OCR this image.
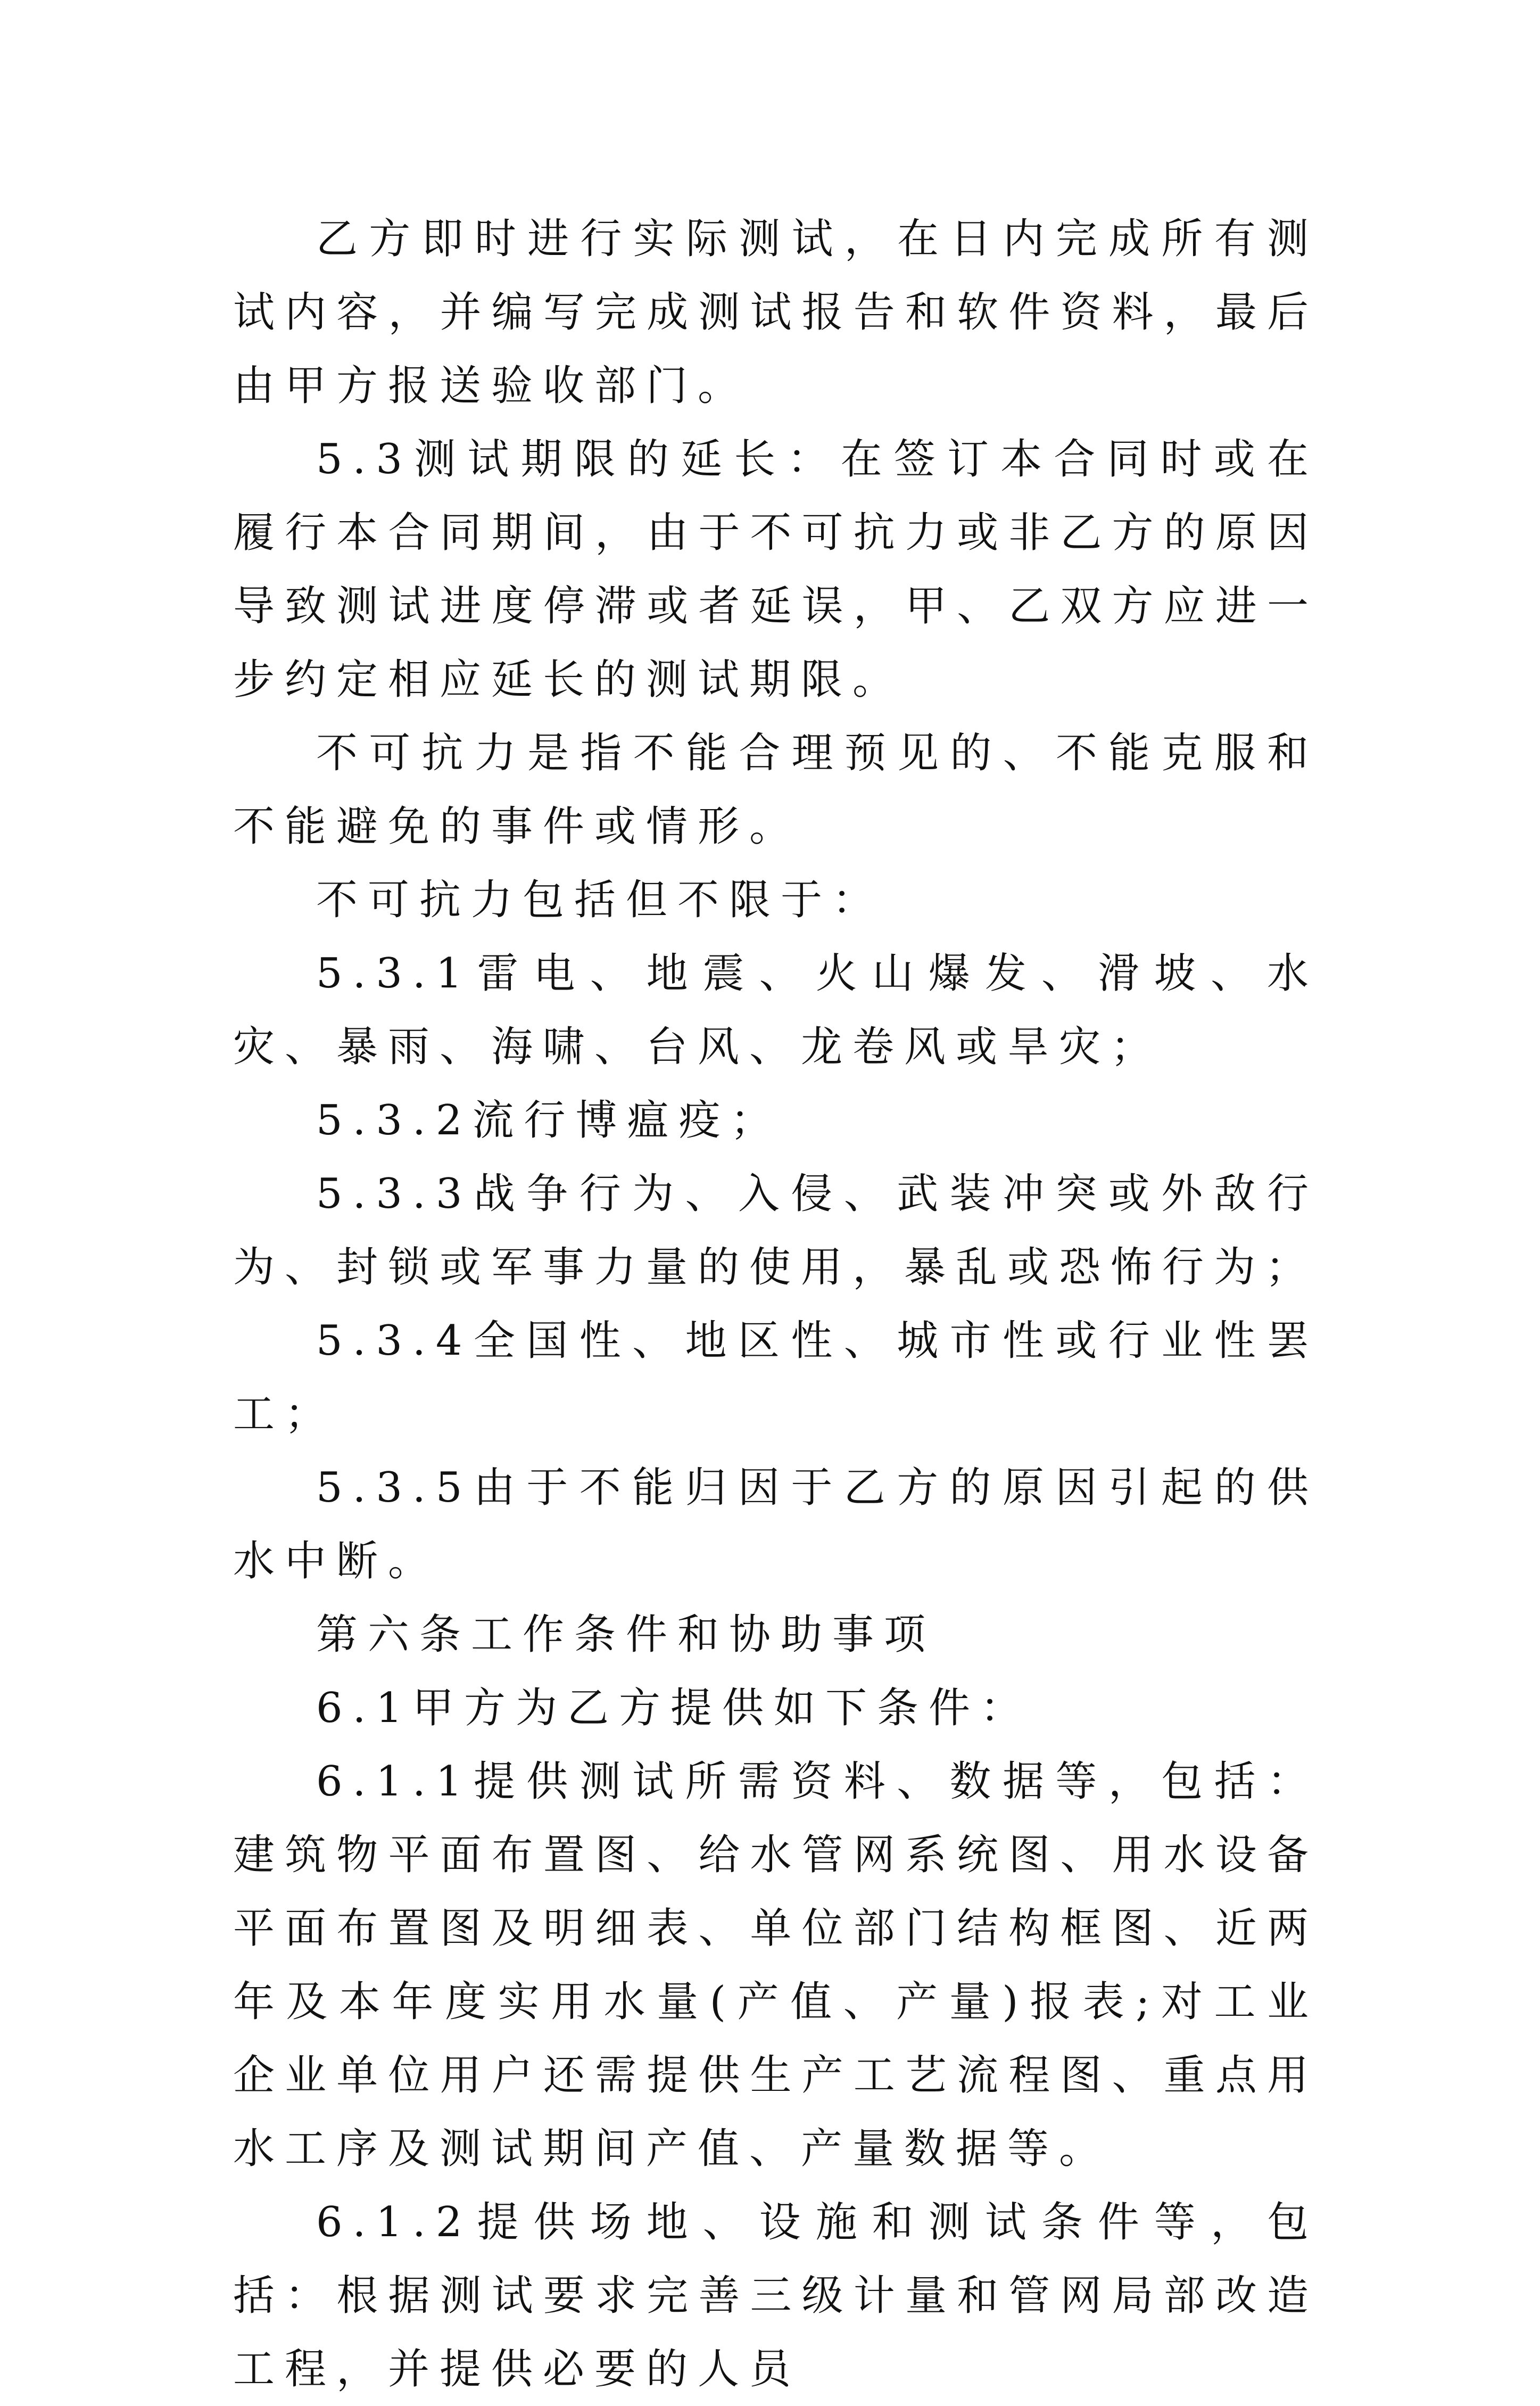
乙方即时进行实际测试，在日内完成所有测试内容，并编写完成测试报告和软件资料，最后由甲方报送验收部门。

5.3测试期限的延长：在签订本合同时或在履行本合同期间，由于不可抗力或非乙方的原因导致测试进度停滞或者延误，甲、乙双方应进一步约定相应延长的测试期限。

不可抗力是指不能合理预见的、不能克服和不能避免的事件或情形。

不可抗力包括但不限于：

5.3.1雷电、地震、火山爆发、滑坡、水灾、暴雨、海啸、台风、龙卷风或旱灾；

5.3.2流行博瘟疫；

5.3.3战争行为、入侵、武装冲突或外敌行为、封锁或军事力量的使用，暴乱或恐怖行为；

5.3.4全国性、地区性、城市性或行业性罢工；

5.3.5由于不能归因于乙方的原因引起的供水中断。

第六条工作条件和协助事项

6.1甲方为乙方提供如下条件：

6.1.1提供测试所需资料、数据等，包括：建筑物平面布置图、给水管网系统图、用水设备平面布置图及明细表、单位部门结构框图、近两年及本年度实用水量(产值、产量)报表;对工业企业单位用户还需提供生产工艺流程图、重点用水工序及测试期间产值、产量数据等。

6.1.2提供场地、设施和测试条件等，包括：根据测试要求完善三级计量和管网局部改造工程，并提供必要的人员
